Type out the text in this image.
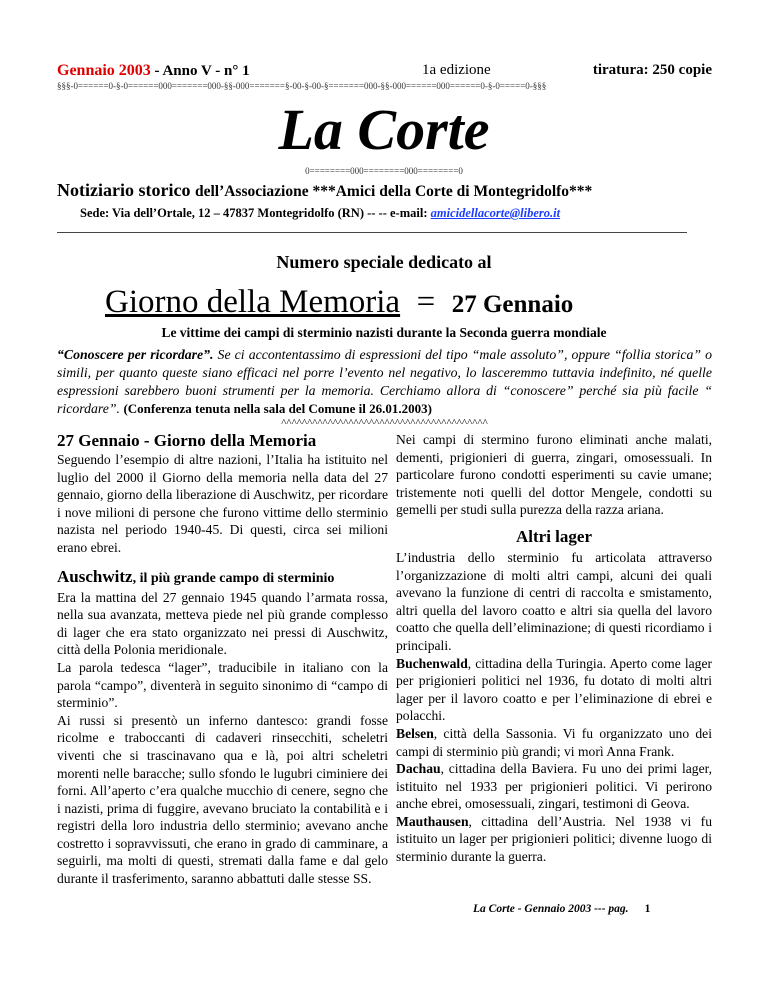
Gennaio 2003 - Anno V - n° 1	1a edizione	tiratura: 250 copie
§§§-0======0-§-0======000=======000-§§-000=======§-00-§-00-§=======000-§§-000======000======0-§-0=====0-§§§
La Corte
0========000========000========0
Notiziario storico dell’Associazione ***Amici della Corte di Montegridolfo***
Sede: Via dell’Ortale, 12 – 47837 Montegridolfo (RN) -- -- e-mail: amicidellacorte@libero.it
Numero speciale dedicato al
Giorno della Memoria  =  27 Gennaio
Le vittime dei campi di sterminio nazisti durante la Seconda guerra mondiale
“Conoscere per ricordare”. Se ci accontentassimo di espressioni del tipo “male assoluto”, oppure “follia storica” o simili, per quanto queste siano efficaci nel porre l’evento nel negativo, lo lasceremmo tuttavia indefinito, né quelle espressioni sarebbero buoni strumenti per la memoria. Cerchiamo allora di “conoscere” perché sia più facile “ ricordare”. (Conferenza tenuta nella sala del Comune il 26.01.2003)
^^^^^^^^^^^^^^^^^^^^^^^^^^^^^^^^^^^^^^^^
27 Gennaio - Giorno della Memoria

Seguendo l’esempio di altre nazioni, l’Italia ha istituito nel luglio del 2000 il Giorno della memoria nella data del 27 gennaio, giorno della liberazione di Auschwitz, per ricordare i nove milioni di persone che furono vittime dello sterminio nazista nel periodo 1940-45. Di questi, circa sei milioni erano ebrei.

Auschwitz, il più grande campo di sterminio

Era la mattina del 27 gennaio 1945 quando l’armata rossa, nella sua avanzata, metteva piede nel più grande complesso di lager che era stato organizzato nei pressi di Auschwitz, città della Polonia meridionale.

La parola tedesca “lager”, traducibile in italiano con la parola “campo”, diventerà in seguito sinonimo di “campo di sterminio”.

Ai russi si presentò un inferno dantesco: grandi fosse ricolme e traboccanti di cadaveri rinsecchiti, scheletri viventi che si trascinavano qua e là, poi altri scheletri morenti nelle baracche; sullo sfondo le lugubri ciminiere dei forni. All’aperto c’era qualche mucchio di cenere, segno che i nazisti, prima di fuggire, avevano bruciato la contabilità e i registri della loro industria dello sterminio; avevano anche costretto i sopravvissuti, che erano in grado di camminare, a seguirli, ma molti di questi, stremati dalla fame e dal gelo durante il trasferimento, saranno abbattuti dalle stesse SS.

Nei campi di stermino furono eliminati anche malati, dementi, prigionieri di guerra, zingari, omosessuali. In particolare furono condotti esperimenti su cavie umane; tristemente noti quelli del dottor Mengele, condotti su gemelli per studi sulla purezza della razza ariana.

Altri lager

L’industria dello sterminio fu articolata attraverso l’organizzazione di molti altri campi, alcuni dei quali avevano la funzione di centri di raccolta e smistamento, altri quella del lavoro coatto e altri sia quella del lavoro coatto che quella dell’eliminazione; di questi ricordiamo i principali.

Buchenwald, cittadina della Turingia. Aperto come lager per prigionieri politici nel 1936, fu dotato di molti altri lager per il lavoro coatto e per l’eliminazione di ebrei e polacchi.

Belsen, città della Sassonia. Vi fu organizzato uno dei campi di sterminio più grandi; vi morì Anna Frank.

Dachau, cittadina della Baviera. Fu uno dei primi lager, istituito nel 1933 per prigionieri politici. Vi perirono anche ebrei, omosessuali, zingari, testimoni di Geova.

Mauthausen, cittadina dell’Austria. Nel 1938 vi fu istituito un lager per prigionieri politici; divenne luogo di sterminio durante la guerra.

La Corte - Gennaio 2003 --- pag. 1
